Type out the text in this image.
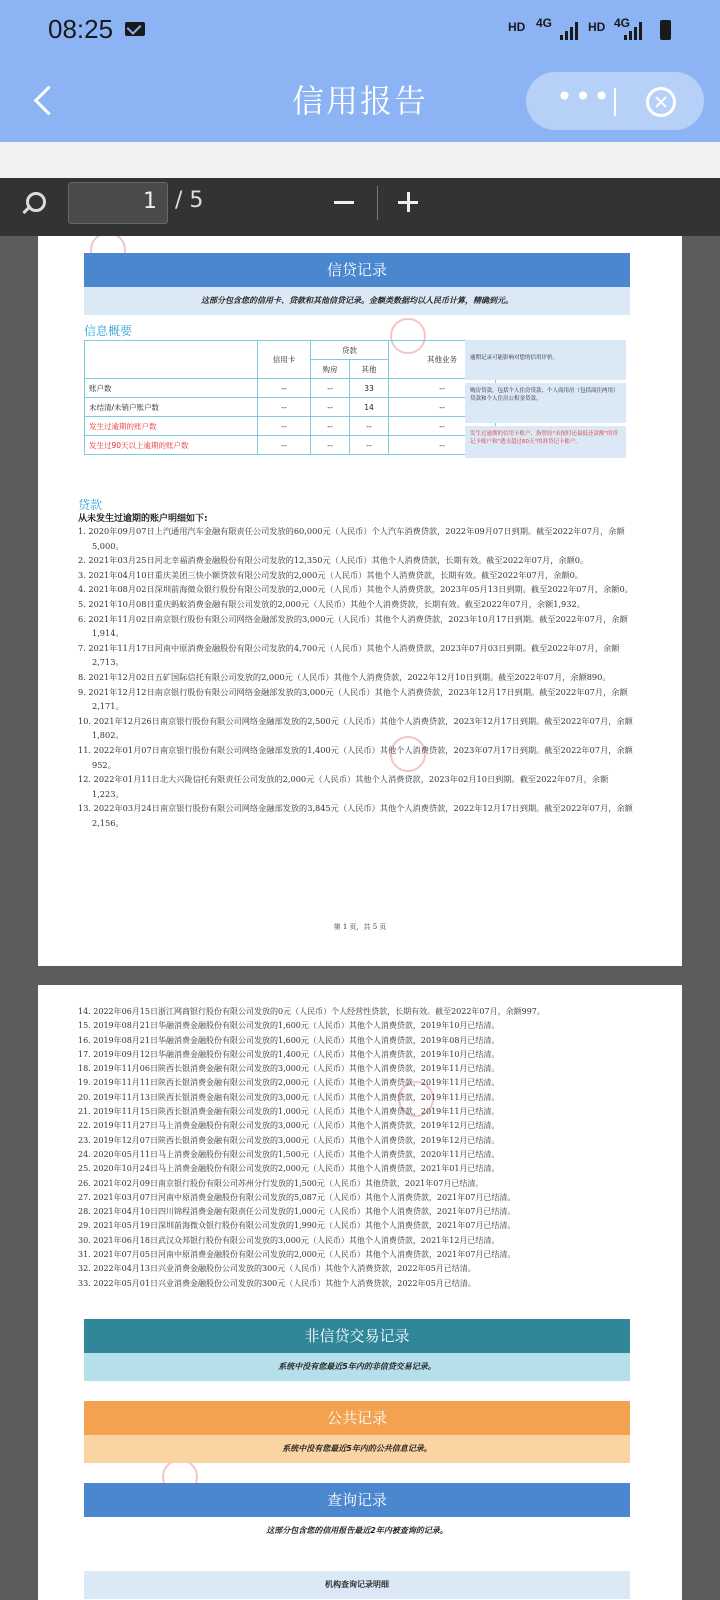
08:25	HD 4G	HD 4G
信用报告	•••
1 / 5
信贷记录
这部分包含您的信用卡、贷款和其他信贷记录。金额类数据均以人民币计算，精确到元。
信息概要
	信用卡	贷款		其他业务
		购房	其他	
账户数	--	--	33	--
未结清/未销户账户数	--	--	14	--
发生过逾期的账户数	--	--	--	--
发生过90天以上逾期的账户数	--	--	--	--
逾期记录可能影响对您的信用评价。
购房贷款，包括个人住房贷款、个人商用房（包括商住两用）贷款和个人住房公积金贷款。
发生过逾期的信用卡账户，指曾经"未按时还最低还款额"的贷记卡账户和"透支超过60天"的准贷记卡账户。
贷款
从未发生过逾期的账户明细如下:
1. 2020年09月07日上汽通用汽车金融有限责任公司发放的60,000元（人民币）个人汽车消费贷款，2022年09月07日到期。截至2022年07月，余额5,000。
2. 2021年03月25日河北幸福消费金融股份有限公司发放的12,350元（人民币）其他个人消费贷款，长期有效。截至2022年07月，余额0。
3. 2021年04月10日重庆美团三快小额贷款有限公司发放的2,000元（人民币）其他个人消费贷款，长期有效。截至2022年07月，余额0。
4. 2021年08月02日深圳前海微众银行股份有限公司发放的2,000元（人民币）其他个人消费贷款，2023年05月13日到期。截至2022年07月，余额0。
5. 2021年10月08日重庆蚂蚁消费金融有限公司发放的2,000元（人民币）其他个人消费贷款，长期有效。截至2022年07月，余额1,932。
6. 2021年11月02日南京银行股份有限公司网络金融部发放的3,000元（人民币）其他个人消费贷款，2023年10月17日到期。截至2022年07月，余额1,914。
7. 2021年11月17日河南中原消费金融股份有限公司发放的4,700元（人民币）其他个人消费贷款，2023年07月03日到期。截至2022年07月，余额2,713。
8. 2021年12月02日五矿国际信托有限公司发放的2,000元（人民币）其他个人消费贷款，2022年12月10日到期。截至2022年07月，余额890。
9. 2021年12月12日南京银行股份有限公司网络金融部发放的3,000元（人民币）其他个人消费贷款，2023年12月17日到期。截至2022年07月，余额2,171。
10. 2021年12月26日南京银行股份有限公司网络金融部发放的2,500元（人民币）其他个人消费贷款，2023年12月17日到期。截至2022年07月，余额1,802。
11. 2022年01月07日南京银行股份有限公司网络金融部发放的1,400元（人民币）其他个人消费贷款，2023年07月17日到期。截至2022年07月，余额952。
12. 2022年01月11日北大兴陇信托有限责任公司发放的2,000元（人民币）其他个人消费贷款，2023年02月10日到期。截至2022年07月，余额1,223。
13. 2022年03月24日南京银行股份有限公司网络金融部发放的3,845元（人民币）其他个人消费贷款，2022年12月17日到期。截至2022年07月，余额2,156。
第 1 页，共 5 页
14. 2022年06月15日浙江网商银行股份有限公司发放的0元（人民币）个人经营性贷款，长期有效。截至2022年07月，余额997。
15. 2019年08月21日华融消费金融股份有限公司发放的1,600元（人民币）其他个人消费贷款，2019年10月已结清。
16. 2019年08月21日华融消费金融股份有限公司发放的1,600元（人民币）其他个人消费贷款，2019年08月已结清。
17. 2019年09月12日华融消费金融股份有限公司发放的1,400元（人民币）其他个人消费贷款，2019年10月已结清。
18. 2019年11月06日陕西长银消费金融有限公司发放的3,000元（人民币）其他个人消费贷款，2019年11月已结清。
19. 2019年11月11日陕西长银消费金融有限公司发放的2,000元（人民币）其他个人消费贷款，2019年11月已结清。
20. 2019年11月13日陕西长银消费金融有限公司发放的3,000元（人民币）其他个人消费贷款，2019年11月已结清。
21. 2019年11月15日陕西长银消费金融有限公司发放的1,000元（人民币）其他个人消费贷款，2019年11月已结清。
22. 2019年11月27日马上消费金融股份有限公司发放的3,000元（人民币）其他个人消费贷款，2019年12月已结清。
23. 2019年12月07日陕西长银消费金融有限公司发放的3,000元（人民币）其他个人消费贷款，2019年12月已结清。
24. 2020年05月11日马上消费金融股份有限公司发放的1,500元（人民币）其他个人消费贷款，2020年11月已结清。
25. 2020年10月24日马上消费金融股份有限公司发放的2,000元（人民币）其他个人消费贷款，2021年01月已结清。
26. 2021年02月09日南京银行股份有限公司苏州分行发放的1,500元（人民币）其他贷款，2021年07月已结清。
27. 2021年03月07日河南中原消费金融股份有限公司发放的5,087元（人民币）其他个人消费贷款，2021年07月已结清。
28. 2021年04月10日四川锦程消费金融有限责任公司发放的1,000元（人民币）其他个人消费贷款，2021年07月已结清。
29. 2021年05月19日深圳前海微众银行股份有限公司发放的1,990元（人民币）其他个人消费贷款，2021年07月已结清。
30. 2021年06月18日武汉众邦银行股份有限公司发放的3,000元（人民币）其他个人消费贷款，2021年12月已结清。
31. 2021年07月05日河南中原消费金融股份有限公司发放的2,000元（人民币）其他个人消费贷款，2021年07月已结清。
32. 2022年04月13日兴业消费金融股份公司发放的300元（人民币）其他个人消费贷款，2022年05月已结清。
33. 2022年05月01日兴业消费金融股份公司发放的300元（人民币）其他个人消费贷款，2022年05月已结清。
非信贷交易记录
系统中没有您最近5年内的非信贷交易记录。
公共记录
系统中没有您最近5年内的公共信息记录。
查询记录
这部分包含您的信用报告最近2年内被查询的记录。
机构查询记录明细
